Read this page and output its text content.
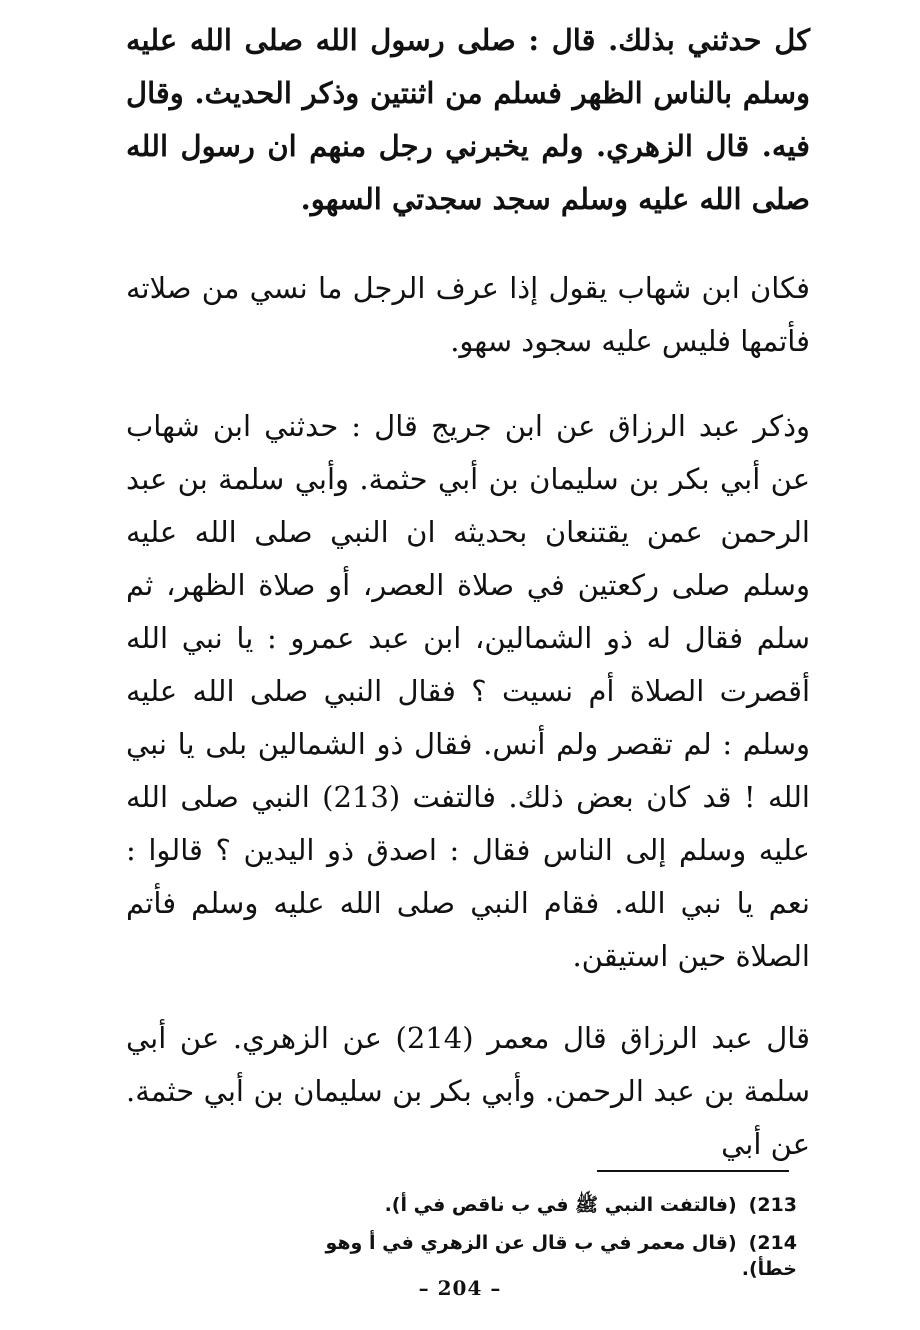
كل حدثني بذلك. قال : صلى رسول الله صلى الله عليه وسلم بالناس الظهر فسلم من اثنتين وذكر الحديث. وقال فيه. قال الزهري. ولم يخبرني رجل منهم ان رسول الله صلى الله عليه وسلم سجد سجدتي السهو.

فكان ابن شهاب يقول إذا عرف الرجل ما نسي من صلاته فأتمها فليس عليه سجود سهو.

وذكر عبد الرزاق عن ابن جريج قال : حدثني ابن شهاب عن أبي بكر بن سليمان بن أبي حثمة. وأبي سلمة بن عبد الرحمن عمن يقتنعان بحديثه ان النبي صلى الله عليه وسلم صلى ركعتين في صلاة العصر، أو صلاة الظهر، ثم سلم فقال له ذو الشمالين، ابن عبد عمرو : يا نبي الله أقصرت الصلاة أم نسيت ؟ فقال النبي صلى الله عليه وسلم : لم تقصر ولم أنس. فقال ذو الشمالين بلى يا نبي الله ! قد كان بعض ذلك. فالتفت (213) النبي صلى الله عليه وسلم إلى الناس فقال : اصدق ذو اليدين ؟ قالوا : نعم يا نبي الله. فقام النبي صلى الله عليه وسلم فأتم الصلاة حين استيقن.

قال عبد الرزاق قال معمر (214) عن الزهري. عن أبي سلمة بن عبد الرحمن. وأبي بكر بن سليمان بن أبي حثمة. عن أبي

213)(فالتفت النبي ﷺ في ب ناقص في أ).

214)(قال معمر في ب قال عن الزهري في أ وهو خطأ).

– 204 –
